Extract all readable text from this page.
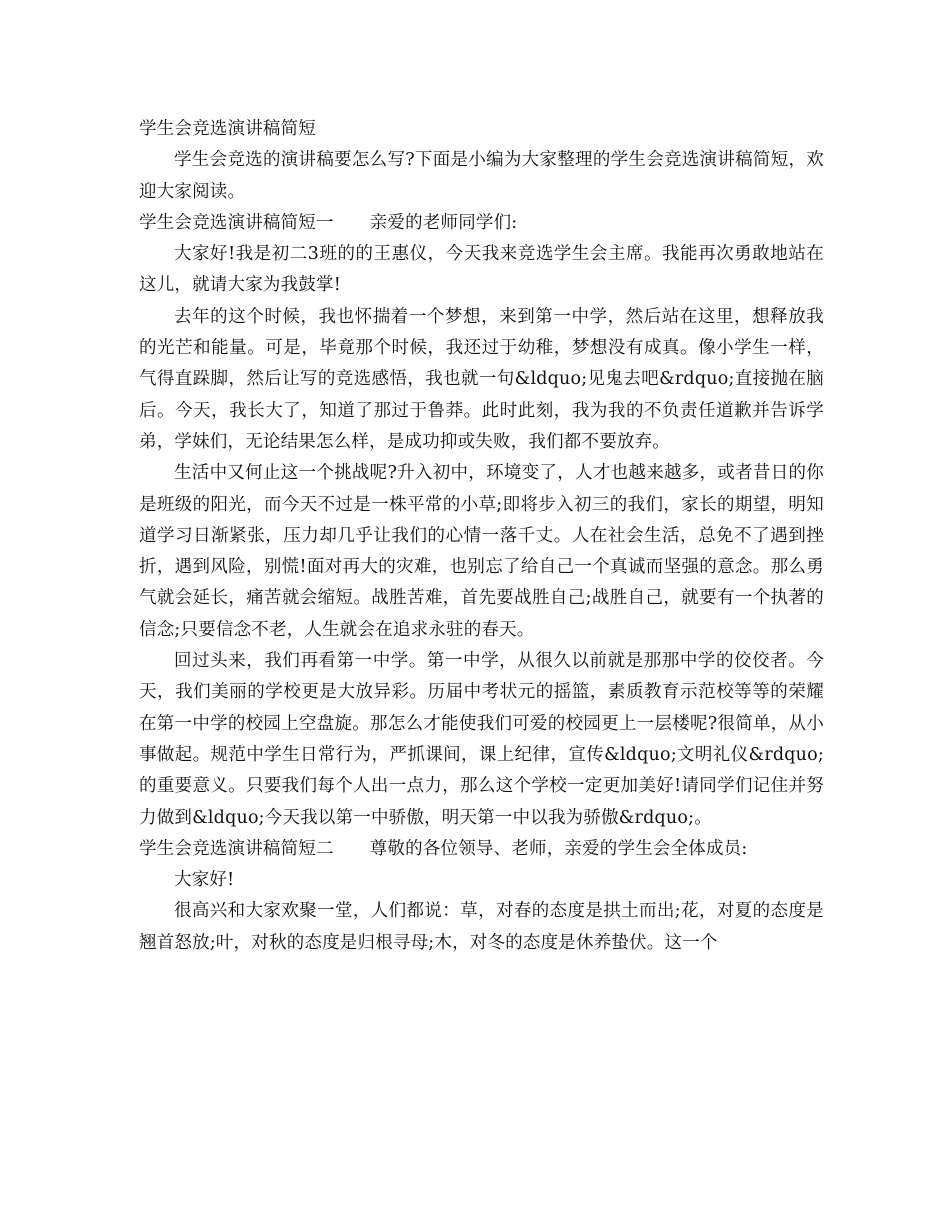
学生会竞选演讲稿简短

学生会竞选的演讲稿要怎么写?下面是小编为大家整理的学生会竞选演讲稿简短，欢迎大家阅读。

学生会竞选演讲稿简短一 亲爱的老师同学们:

大家好!我是初二3班的的王惠仪，今天我来竞选学生会主席。我能再次勇敢地站在这儿，就请大家为我鼓掌!

去年的这个时候，我也怀揣着一个梦想，来到第一中学，然后站在这里，想释放我的光芒和能量。可是，毕竟那个时候，我还过于幼稚，梦想没有成真。像小学生一样，气得直跺脚，然后让写的竞选感悟，我也就一句&ldquo;见鬼去吧&rdquo;直接抛在脑后。今天，我长大了，知道了那过于鲁莽。此时此刻，我为我的不负责任道歉并告诉学弟，学妹们，无论结果怎么样，是成功抑或失败，我们都不要放弃。

生活中又何止这一个挑战呢?升入初中，环境变了，人才也越来越多，或者昔日的你是班级的阳光，而今天不过是一株平常的小草;即将步入初三的我们，家长的期望，明知道学习日渐紧张，压力却几乎让我们的心情一落千丈。人在社会生活，总免不了遇到挫折，遇到风险，别慌!面对再大的灾难，也别忘了给自己一个真诚而坚强的意念。那么勇气就会延长，痛苦就会缩短。战胜苦难，首先要战胜自己;战胜自己，就要有一个执著的信念;只要信念不老，人生就会在追求永驻的春天。

回过头来，我们再看第一中学。第一中学，从很久以前就是那那中学的佼佼者。今天，我们美丽的学校更是大放异彩。历届中考状元的摇篮，素质教育示范校等等的荣耀在第一中学的校园上空盘旋。那怎么才能使我们可爱的校园更上一层楼呢?很简单，从小事做起。规范中学生日常行为，严抓课间，课上纪律，宣传&ldquo;文明礼仪&rdquo;的重要意义。只要我们每个人出一点力，那么这个学校一定更加美好!请同学们记住并努力做到&ldquo;今天我以第一中骄傲，明天第一中以我为骄傲&rdquo;。

学生会竞选演讲稿简短二 尊敬的各位领导、老师，亲爱的学生会全体成员:

大家好!

很高兴和大家欢聚一堂，人们都说：草，对春的态度是拱土而出;花，对夏的态度是翘首怒放;叶，对秋的态度是归根寻母;木，对冬的态度是休养蛰伏。这一个
